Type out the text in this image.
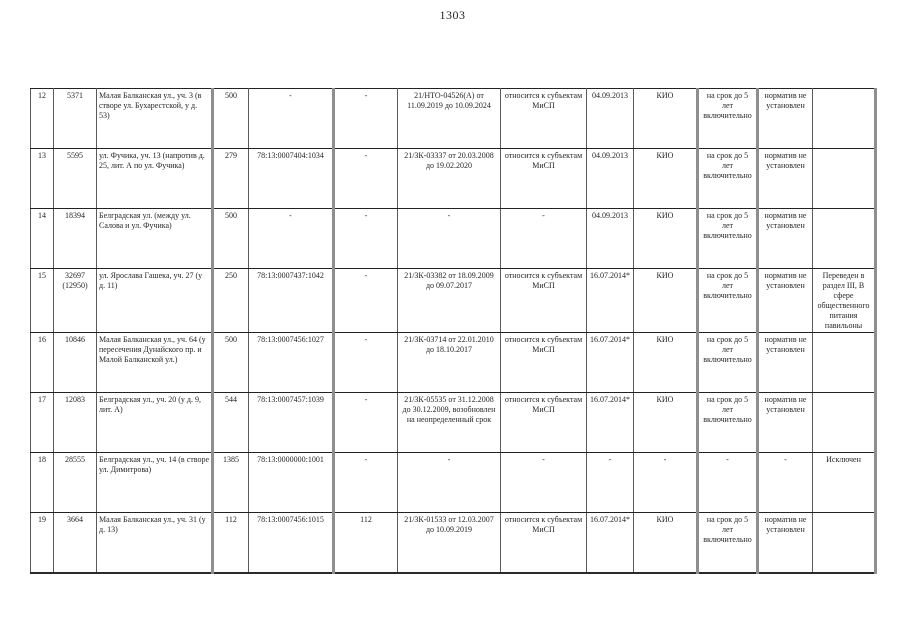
1303
12	5371	Малая Балканская ул., уч. 3 (в створе ул. Бухарестской, у д. 53)	500	-	-	21/НТО-04526(А) от 11.09.2019 до 10.09.2024	относится к субъектам МиСП	04.09.2013	КИО	на срок до 5 лет включительно	норматив не установлен	
13	5595	ул. Фучика, уч. 13 (напротив д. 25, лит. А по ул. Фучика)	279	78:13:0007404:1034	-	21/ЗК-03337 от 20.03.2008 до 19.02.2020	относится к субъектам МиСП	04.09.2013	КИО	на срок до 5 лет включительно	норматив не установлен	
14	18394	Белградская ул. (между ул. Салова и ул. Фучика)	500	-	-	-	-	04.09.2013	КИО	на срок до 5 лет включительно	норматив не установлен	
15	32697 (12950)	ул. Ярослава Гашека, уч. 27 (у д. 11)	250	78:13:0007437:1042	-	21/ЗК-03382 от 18.09.2009 до 09.07.2017	относится к субъектам МиСП	16.07.2014*	КИО	на срок до 5 лет включительно	норматив не установлен	Переведен в раздел III, В сфере общественного питания павильоны
16	10846	Малая Балканская ул., уч. 64 (у пересечения Дунайского пр. и Малой Балканской ул.)	500	78:13:0007456:1027	-	21/ЗК-03714 от 22.01.2010 до 18.10.2017	относится к субъектам МиСП	16.07.2014*	КИО	на срок до 5 лет включительно	норматив не установлен	
17	12083	Белградская ул., уч. 20 (у д. 9, лит. А)	544	78:13:0007457:1039	-	21/ЗК-05535 от 31.12.2008 до 30.12.2009, возобновлен на неопределенный срок	относится к субъектам МиСП	16.07.2014*	КИО	на срок до 5 лет включительно	норматив не установлен	
18	28555	Белградская ул., уч. 14 (в створе ул. Димитрова)	1385	78:13:0000000:1001	-	-	-	-	-	-	-	Исключен
19	3664	Малая Балканская ул., уч. 31 (у д. 13)	112	78:13:0007456:1015	112	21/ЗК-01533 от 12.03.2007 до 10.09.2019	относится к субъектам МиСП	16.07.2014*	КИО	на срок до 5 лет включительно	норматив не установлен	
